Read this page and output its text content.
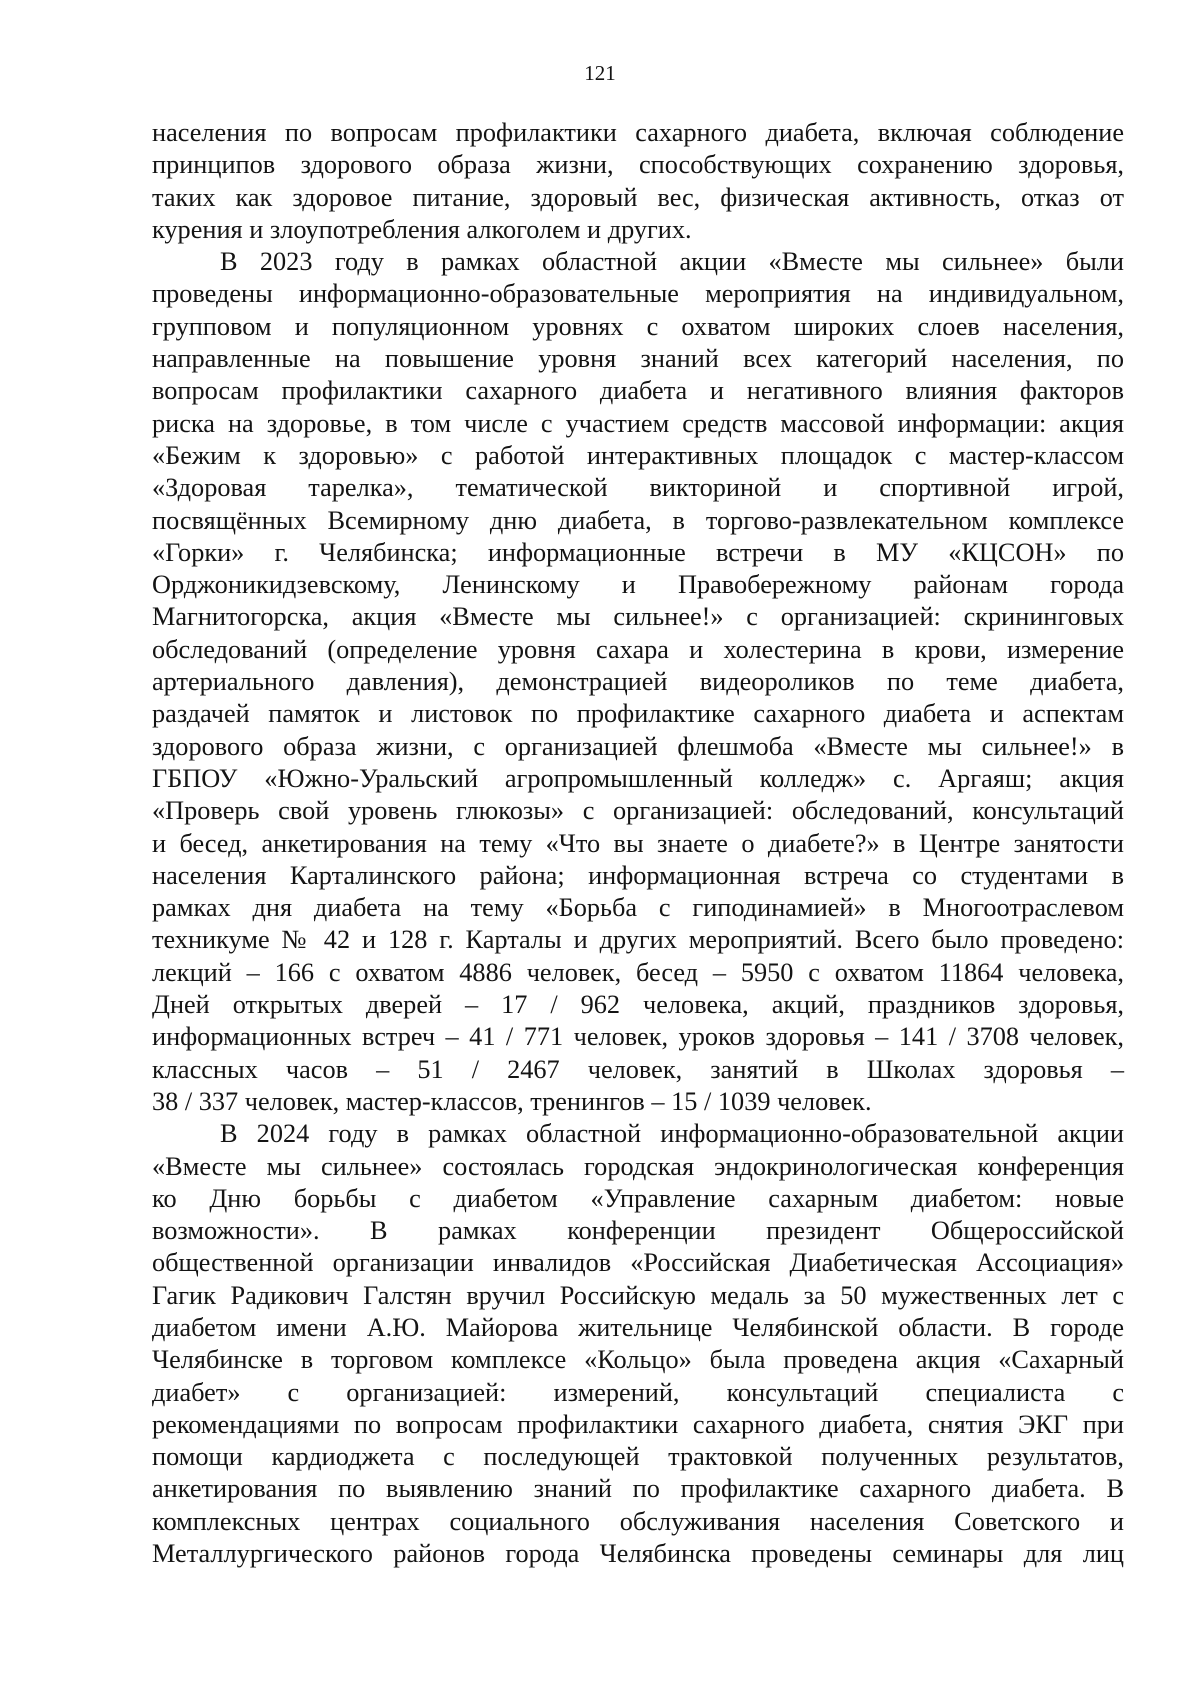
121
населения по вопросам профилактики сахарного диабета, включая соблюдение
принципов здорового образа жизни, способствующих сохранению здоровья,
таких как здоровое питание, здоровый вес, физическая активность, отказ от
курения и злоупотребления алкоголем и других.
В 2023 году в рамках областной акции «Вместе мы сильнее» были
проведены информационно-образовательные мероприятия на индивидуальном,
групповом и популяционном уровнях с охватом широких слоев населения,
направленные на повышение уровня знаний всех категорий населения, по
вопросам профилактики сахарного диабета и негативного влияния факторов
риска на здоровье, в том числе с участием средств массовой информации: акция
«Бежим к здоровью» с работой интерактивных площадок с мастер-классом
«Здоровая тарелка», тематической викториной и спортивной игрой,
посвящённых Всемирному дню диабета, в торгово-развлекательном комплексе
«Горки» г. Челябинска; информационные встречи в МУ «КЦСОН» по
Орджоникидзевскому, Ленинскому и Правобережному районам города
Магнитогорска, акция «Вместе мы сильнее!» с организацией: скрининговых
обследований (определение уровня сахара и холестерина в крови, измерение
артериального давления), демонстрацией видеороликов по теме диабета,
раздачей памяток и листовок по профилактике сахарного диабета и аспектам
здорового образа жизни, с организацией флешмоба «Вместе мы сильнее!» в
ГБПОУ «Южно-Уральский агропромышленный колледж» с. Аргаяш; акция
«Проверь свой уровень глюкозы» с организацией: обследований, консультаций
и бесед, анкетирования на тему «Что вы знаете о диабете?» в Центре занятости
населения Карталинского района; информационная встреча со студентами в
рамках дня диабета на тему «Борьба с гиподинамией» в Многоотраслевом
техникуме № 42 и 128 г. Карталы и других мероприятий. Всего было проведено:
лекций – 166 с охватом 4886 человек, бесед – 5950 с охватом 11864 человека,
Дней открытых дверей – 17 / 962 человека, акций, праздников здоровья,
информационных встреч – 41 / 771 человек, уроков здоровья – 141 / 3708 человек,
классных часов – 51 / 2467 человек, занятий в Школах здоровья –
38 / 337 человек, мастер-классов, тренингов – 15 / 1039 человек.
В 2024 году в рамках областной информационно-образовательной акции
«Вместе мы сильнее» состоялась городская эндокринологическая конференция
ко Дню борьбы с диабетом «Управление сахарным диабетом: новые
возможности». В рамках конференции президент Общероссийской
общественной организации инвалидов «Российская Диабетическая Ассоциация»
Гагик Радикович Галстян вручил Российскую медаль за 50 мужественных лет с
диабетом имени А.Ю. Майорова жительнице Челябинской области. В городе
Челябинске в торговом комплексе «Кольцо» была проведена акция «Сахарный
диабет» с организацией: измерений, консультаций специалиста с
рекомендациями по вопросам профилактики сахарного диабета, снятия ЭКГ при
помощи кардиоджета с последующей трактовкой полученных результатов,
анкетирования по выявлению знаний по профилактике сахарного диабета. В
комплексных центрах социального обслуживания населения Советского и
Металлургического районов города Челябинска проведены семинары для лиц
